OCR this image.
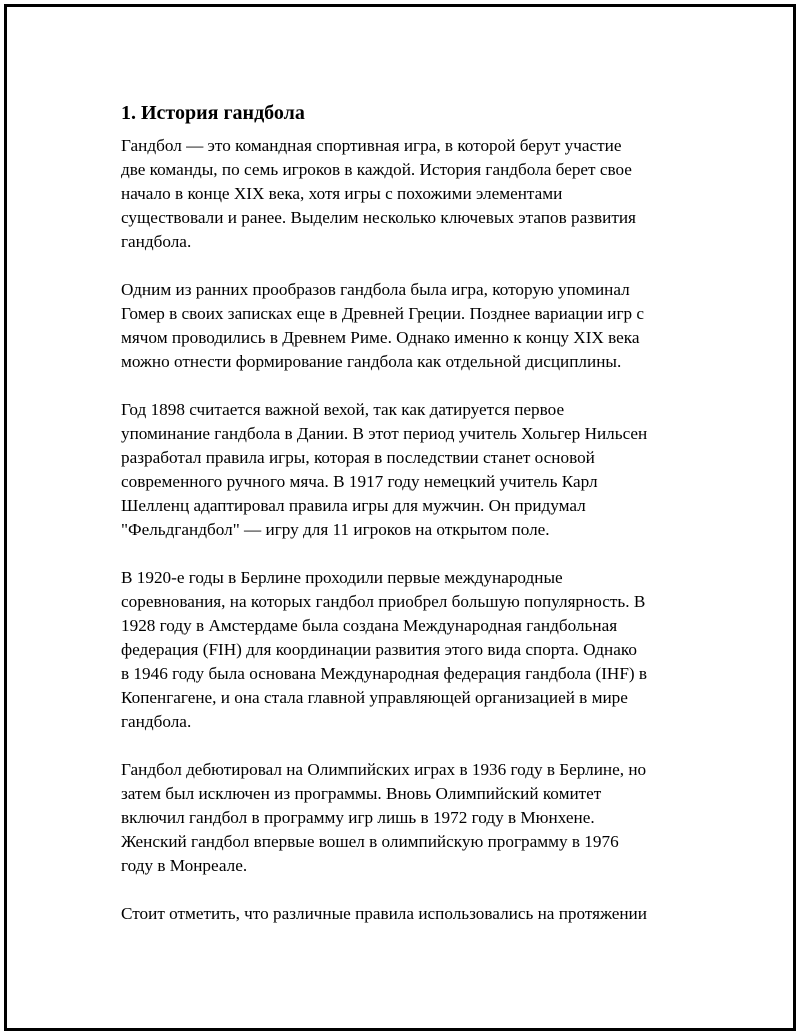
1. История гандбола
Гандбол — это командная спортивная игра, в которой берут участие
две команды, по семь игроков в каждой. История гандбола берет свое
начало в конце XIX века, хотя игры с похожими элементами
существовали и ранее. Выделим несколько ключевых этапов развития
гандбола.
Одним из ранних прообразов гандбола была игра, которую упоминал
Гомер в своих записках еще в Древней Греции. Позднее вариации игр с
мячом проводились в Древнем Риме. Однако именно к концу XIX века
можно отнести формирование гандбола как отдельной дисциплины.
Год 1898 считается важной вехой, так как датируется первое
упоминание гандбола в Дании. В этот период учитель Хольгер Нильсен
разработал правила игры, которая в последствии станет основой
современного ручного мяча. В 1917 году немецкий учитель Карл
Шелленц адаптировал правила игры для мужчин. Он придумал
"Фельдгандбол" — игру для 11 игроков на открытом поле.
В 1920-е годы в Берлине проходили первые международные
соревнования, на которых гандбол приобрел большую популярность. В
1928 году в Амстердаме была создана Международная гандбольная
федерация (FIH) для координации развития этого вида спорта. Однако
в 1946 году была основана Международная федерация гандбола (IHF) в
Копенгагене, и она стала главной управляющей организацией в мире
гандбола.
Гандбол дебютировал на Олимпийских играх в 1936 году в Берлине, но
затем был исключен из программы. Вновь Олимпийский комитет
включил гандбол в программу игр лишь в 1972 году в Мюнхене.
Женский гандбол впервые вошел в олимпийскую программу в 1976
году в Монреале.
Стоит отметить, что различные правила использовались на протяжении
